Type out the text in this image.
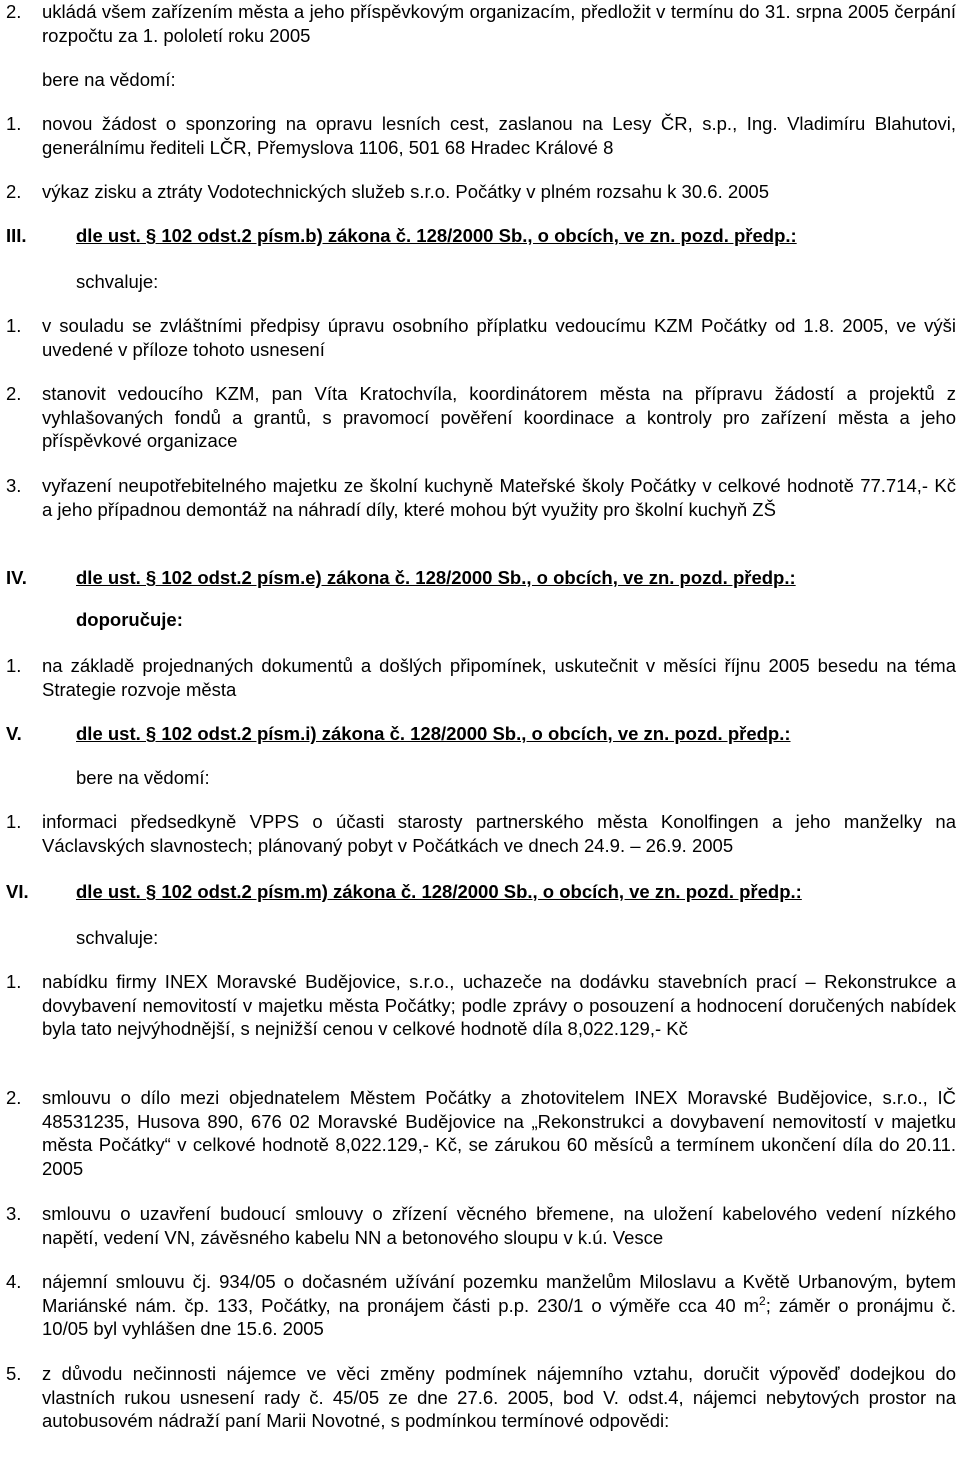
2. ukládá všem zařízením města a jeho příspěvkovým organizacím, předložit v termínu do 31. srpna 2005 čerpání rozpočtu za 1. pololetí roku 2005
bere na vědomí:
1. novou žádost o sponzoring na opravu lesních cest, zaslanou na Lesy ČR, s.p., Ing. Vladimíru Blahutovi, generálnímu řediteli LČR, Přemyslova 1106, 501 68 Hradec Králové 8
2. výkaz zisku a ztráty Vodotechnických služeb s.r.o. Počátky v plném rozsahu k 30.6. 2005
III.	dle ust. § 102 odst.2 písm.b) zákona č. 128/2000 Sb., o obcích, ve zn. pozd. předp.:
schvaluje:
1. v souladu se zvláštními předpisy úpravu osobního příplatku vedoucímu KZM Počátky od 1.8. 2005, ve výši uvedené v příloze tohoto usnesení
2. stanovit vedoucího KZM, pan Víta Kratochvíla, koordinátorem města na přípravu žádostí a projektů z vyhlašovaných fondů a grantů, s pravomocí pověření koordinace a kontroly pro zařízení města a jeho příspěvkové organizace
3. vyřazení neupotřebitelného majetku ze školní kuchyně Mateřské školy Počátky v celkové hodnotě 77.714,- Kč a jeho případnou demontáž na náhradí díly, které mohou být využity pro školní kuchyň ZŠ
IV.	dle ust. § 102 odst.2 písm.e) zákona č. 128/2000 Sb., o obcích, ve zn. pozd. předp.:
doporučuje:
1. na základě projednaných dokumentů a došlých připomínek, uskutečnit v měsíci říjnu 2005 besedu na téma Strategie rozvoje města
V.	dle ust. § 102 odst.2 písm.i) zákona č. 128/2000 Sb., o obcích, ve zn. pozd. předp.:
bere na vědomí:
1. informaci předsedkyně VPPS o účasti starosty partnerského města Konolfingen a jeho manželky na Václavských slavnostech; plánovaný pobyt v Počátkách ve dnech 24.9. – 26.9. 2005
VI.	dle ust. § 102 odst.2 písm.m) zákona č. 128/2000 Sb., o obcích, ve zn. pozd. předp.:
schvaluje:
1. nabídku firmy INEX Moravské Budějovice, s.r.o., uchazeče na dodávku stavebních prací – Rekonstrukce a dovybavení nemovitostí v majetku města Počátky; podle zprávy o posouzení a hodnocení doručených nabídek byla tato nejvýhodnější, s nejnižší cenou v celkové hodnotě díla 8,022.129,- Kč
2. smlouvu o dílo mezi objednatelem Městem Počátky a zhotovitelem INEX Moravské Budějovice, s.r.o., IČ 48531235, Husova 890, 676 02 Moravské Budějovice na „Rekonstrukci a dovybavení nemovitostí v majetku města Počátky“ v celkové hodnotě 8,022.129,- Kč, se zárukou 60 měsíců a termínem ukončení díla do 20.11. 2005
3. smlouvu o uzavření budoucí smlouvy o zřízení věcného břemene, na uložení kabelového vedení nízkého napětí, vedení VN, závěsného kabelu NN a betonového sloupu v k.ú. Vesce
4. nájemní smlouvu čj. 934/05 o dočasném užívání pozemku manželům Miloslavu a Květě Urbanovým, bytem Mariánské nám. čp. 133, Počátky, na pronájem části p.p. 230/1 o výměře cca 40 $m^2$; záměr o pronájmu č. 10/05 byl vyhlášen dne 15.6. 2005
5. z důvodu nečinnosti nájemce ve věci změny podmínek nájemního vztahu, doručit výpověď dodejkou do vlastních rukou usnesení rady č. 45/05 ze dne 27.6. 2005, bod V. odst.4, nájemci nebytových prostor na autobusovém nádraží paní Marii Novotné, s podmínkou termínové odpovědi:
